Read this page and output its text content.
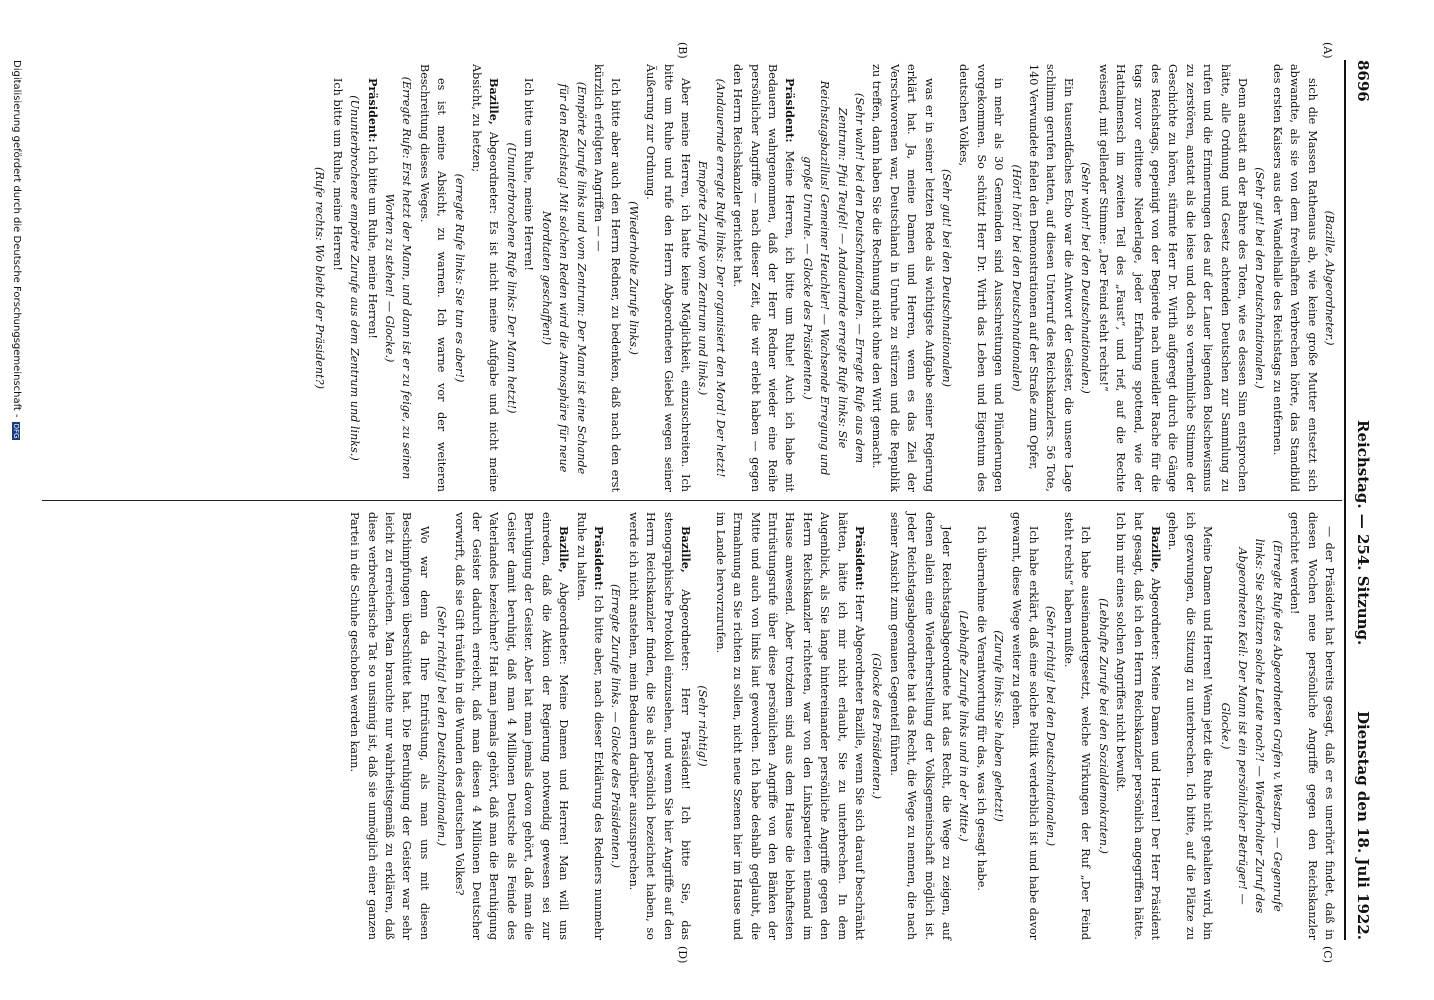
8696
Reichstag. — 254. Sitzung.
Dienstag den 18. Juli 1922.
(A)
(B)
(C)
(D)

(Bazille, Abgeordneter.)

sich die Massen Rathenaus ab, wie keine große Mutter entsetzt sich abwandte, als sie von dem frevelhaften Verbrechen hörte, das Standbild des ersten Kaisers aus der Wandelhalle des Reichstags zu entfernen.

(Sehr gut! bei den Deutschnationalen.)

Denn anstatt an der Bahre des Toten, wie es dessen Sinn entsprochen hätte, alle Ordnung und Gesetz achtenden Deutschen zur Sammlung zu rufen und die Erinnerungen des auf der Lauer liegenden Bolschewismus zu zerstören, anstatt als die leise und doch so vernehmliche Stimme der Geschichte zu hören, stürmte Herr Dr. Wirth aufgeregt durch die Gänge des Reichstags, gepeinigt von der Begierde nach uneidler Rache für die tags zuvor erlittene Niederlage, jeder Erfahrung spottend, wie der Hattalmensch im zweiten Teil des „Faust“, und rief, auf die Rechte weisend, mit gellender Stimme: „Der Feind steht rechts!“

(Sehr wahr! bei den Deutschnationalen.)

Ein tausendfaches Echo war die Antwort der Geister, die unsere Lage schlimm gerufen hatten, auf diesen Unterruf des Reichskanzlers. 56 Tote, 140 Verwundete fielen den Demonstrationen auf der Straße zum Opfer,

(Hört! hört! bei den Deutschnationalen)

in mehr als 30 Gemeinden sind Ausschreitungen und Plünderungen vorgekommen. So schützt Herr Dr. Wirth das Leben und Eigentum des deutschen Volkes,

(Sehr gut! bei den Deutschnationalen)

was er in seiner letzten Rede als wichtigste Aufgabe seiner Regierung erklärt hat. Ja, meine Damen und Herren, wenn es das Ziel der Verschworenen war, Deutschland in Unruhe zu stürzen und die Republik zu treffen, dann haben Sie die Rechnung nicht ohne den Wirt gemacht.

(Sehr wahr! bei den Deutschnationalen. — Erregte Rufe aus dem Zentrum: Pfui Teufel! — Andauernde erregte Rufe links: Sie Reichstagsbazillus! Gemeiner Heuchler! — Wachsende Erregung und große Unruhe. — Glocke des Präsidenten.)

Präsident: Meine Herren, ich bitte um Ruhe! Auch ich habe mit Bedauern wahrgenommen, daß der Herr Redner wieder eine Reihe persönlicher Angriffe — nach dieser Zeit, die wir erlebt haben — gegen den Herrn Reichskanzler gerichtet hat.

(Andauernde erregte Rufe links: Der organisiert den Mord! Der hetzt! Empörte Zurufe vom Zentrum und links.)

Aber meine Herren, ich hatte keine Möglichkeit, einzuschreiten. Ich bitte um Ruhe und rufe den Herrn Abgeordneten Giebel wegen seiner Äußerung zur Ordnung.

(Wiederholte Zurufe links.)

Ich bitte aber auch den Herrn Redner, zu bedenken, daß nach den erst kürzlich erfolgten Angriffen — —

(Empörte Zurufe links und vom Zentrum: Der Mann ist eine Schande für den Reichstag! Mit solchen Reden wird die Atmosphäre für neue Mordtaten geschaffen!)

Ich bitte um Ruhe, meine Herren!

(Ununterbrochene Rufe links: Der Mann hetzt!)

Bazille, Abgeordneter: Es ist nicht meine Aufgabe und nicht meine Absicht, zu hetzen;

(erregte Rufe links: Sie tun es aber!)

es ist meine Absicht, zu warnen. Ich warne vor der weiteren Beschreitung dieses Weges.

(Erregte Rufe: Erst hetzt der Mann, und dann ist er zu feige, zu seinen Worten zu stehen! — Glocke.)

Präsident: Ich bitte um Ruhe, meine Herren!

(Ununterbrochene empörte Zurufe aus dem Zentrum und links.)

Ich bitte um Ruhe, meine Herren!

(Rufe rechts: Wo bleibt der Präsident?)

— der Präsident hat bereits gesagt, daß er es unerhört findet, daß in diesen Wochen neue persönliche Angriffe gegen den Reichskanzler gerichtet werden!

(Erregte Rufe des Abgeordneten Grafen v. Westarp. — Gegenrufe links: Sie schützen solche Leute noch?! — Wiederholter Zuruf des Abgeordneten Keil: Der Mann ist ein persönlicher Betrüger! — Glocke.)

Meine Damen und Herren! Wenn jetzt die Ruhe nicht gehalten wird, bin ich gezwungen, die Sitzung zu unterbrechen. Ich bitte, auf die Plätze zu gehen.

Bazille, Abgeordneter: Meine Damen und Herren! Der Herr Präsident hat gesagt, daß ich den Herrn Reichskanzler persönlich angegriffen hätte. Ich bin mir eines solchen Angriffes nicht bewußt.

(Lebhafte Zurufe bei den Sozialdemokraten.)

Ich habe auseinandergesetzt, welche Wirkungen der Ruf „Der Feind steht rechts“ haben mußte.

(Sehr richtig! bei den Deutschnationalen.)

Ich habe erklärt, daß eine solche Politik verderblich ist und habe davor gewarnt, diese Wege weiter zu gehen.

(Zurufe links: Sie haben gehetzt!)

Ich übernehme die Verantwortung für das, was ich gesagt habe.

(Lebhafte Zurufe links und in der Mitte.)

Jeder Reichstagsabgeordnete hat das Recht, die Wege zu zeigen, auf denen allein eine Wiederherstellung der Volksgemeinschaft möglich ist. Jeder Reichstagsabgeordnete hat das Recht, die Wege zu nennen, die nach seiner Ansicht zum genauen Gegenteil führen.

(Glocke des Präsidenten.)

Präsident: Herr Abgeordneter Bazille, wenn Sie sich darauf beschränkt hätten, hätte ich mir nicht erlaubt, Sie zu unterbrechen. In dem Augenblick, als Sie lange hintereinander persönliche Angriffe gegen den Herrn Reichskanzler richteten, war von den Linksparteien niemand im Hause anwesend. Aber trotzdem sind aus dem Hause die lebhaftesten Entrüstungsrufe über diese persönlichen Angriffe von den Bänken der Mitte und auch von links laut geworden. Ich habe deshalb geglaubt, die Ermahnung an Sie richten zu sollen, nicht neue Szenen hier im Hause und im Lande hervorzurufen.

(Sehr richtig!)

Bazille, Abgeordneter: Herr Präsident! Ich bitte Sie, das stenographische Protokoll einzusehen, und wenn Sie hier Angriffe auf den Herrn Reichskanzler finden, die Sie als persönlich bezeichnet haben, so werde ich nicht anstehen, mein Bedauern darüber auszusprechen.

(Erregte Zurufe links. — Glocke des Präsidenten.)

Präsident: Ich bitte aber, nach dieser Erklärung des Redners nunmehr Ruhe zu halten.

Bazille, Abgeordneter: Meine Damen und Herren! Man will uns einreden, daß die Aktion der Regierung notwendig gewesen sei zur Beruhigung der Geister. Aber hat man jemals davon gehört, daß man die Geister damit beruhigt, daß man 4 Millionen Deutsche als Feinde des Vaterlandes bezeichnet? Hat man jemals gehört, daß man die Beruhigung der Geister dadurch erreicht, daß man diesen 4 Millionen Deutscher vorwirft, daß sie Gift träufeln in die Wunden des deutschen Volkes?

(Sehr richtig! bei den Deutschnationalen.)

Wo war denn da Ihre Entrüstung, als man uns mit diesen Beschimpfungen überschüttet hat. Die Beruhigung der Geister war sehr leicht zu erreichen. Man brauchte nur wahrheitsgemäß zu erklären, daß diese verbrecherische Tat so unsinnig ist, daß sie unmöglich einer ganzen Partei in die Schuhe geschoben werden kann.

Digitalisierung gefördert durch die Deutsche Forschungsgemeinschaft -DFG
